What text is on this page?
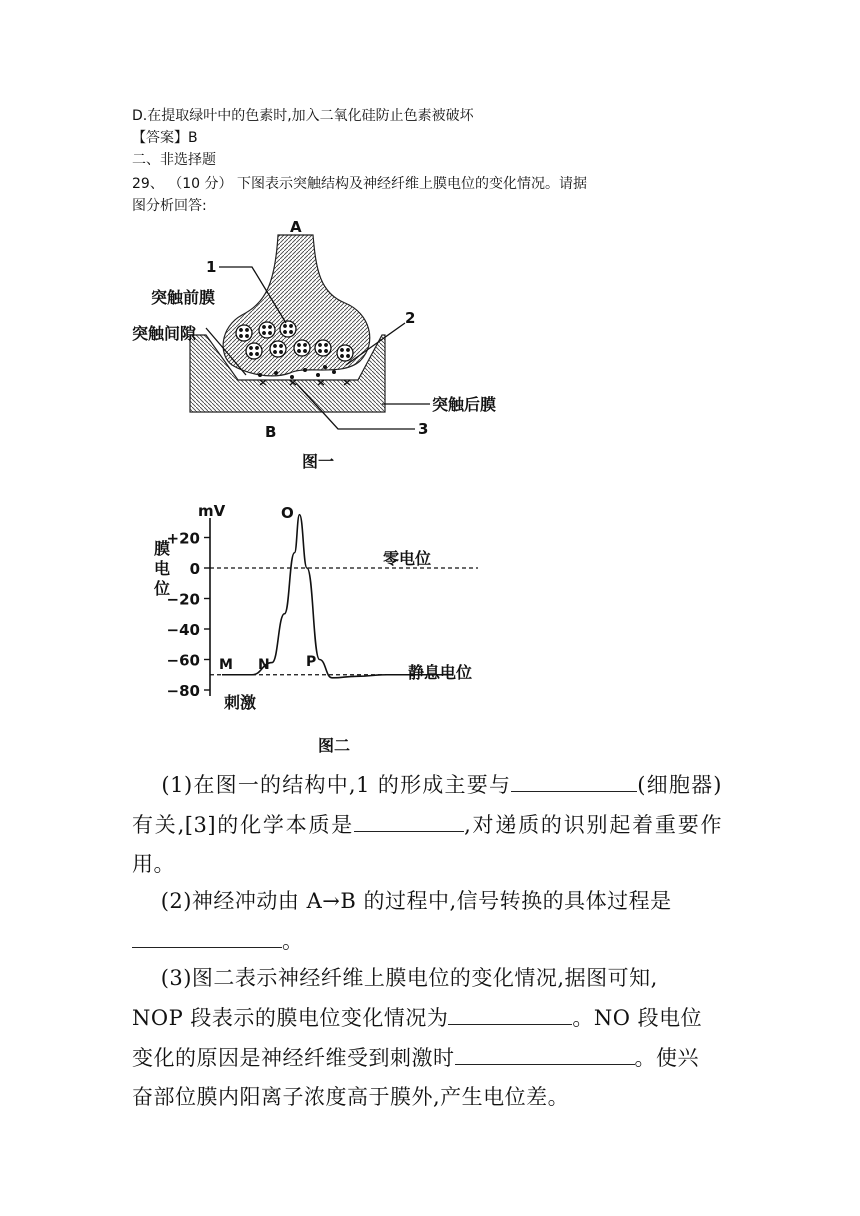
D.在提取绿叶中的色素时,加入二氧化硅防止色素被破坏
【答案】B
二、非选择题
29、 （10 分） 下图表示突触结构及神经纤维上膜电位的变化情况。请据
图分析回答:
A
1
突触前膜
突触间隙
2
突触后膜
B	3
图一
mV
膜
电
位
+20
0
−20
−40
−60
−80
零电位
静息电位
M N
O
P
刺激
图二
  (1)在图一的结构中,1 的形成主要与	(细胞器)有关,[3]的化学本质是	,对递质的识别起着重要作用。
  (2)神经冲动由 A→B 的过程中,信号转换的具体过程是
。
  (3)图二表示神经纤维上膜电位的变化情况,据图可知,
NOP 段表示的膜电位变化情况为	。NO 段电位
变化的原因是神经纤维受到刺激时	。使兴
奋部位膜内阳离子浓度高于膜外,产生电位差。
